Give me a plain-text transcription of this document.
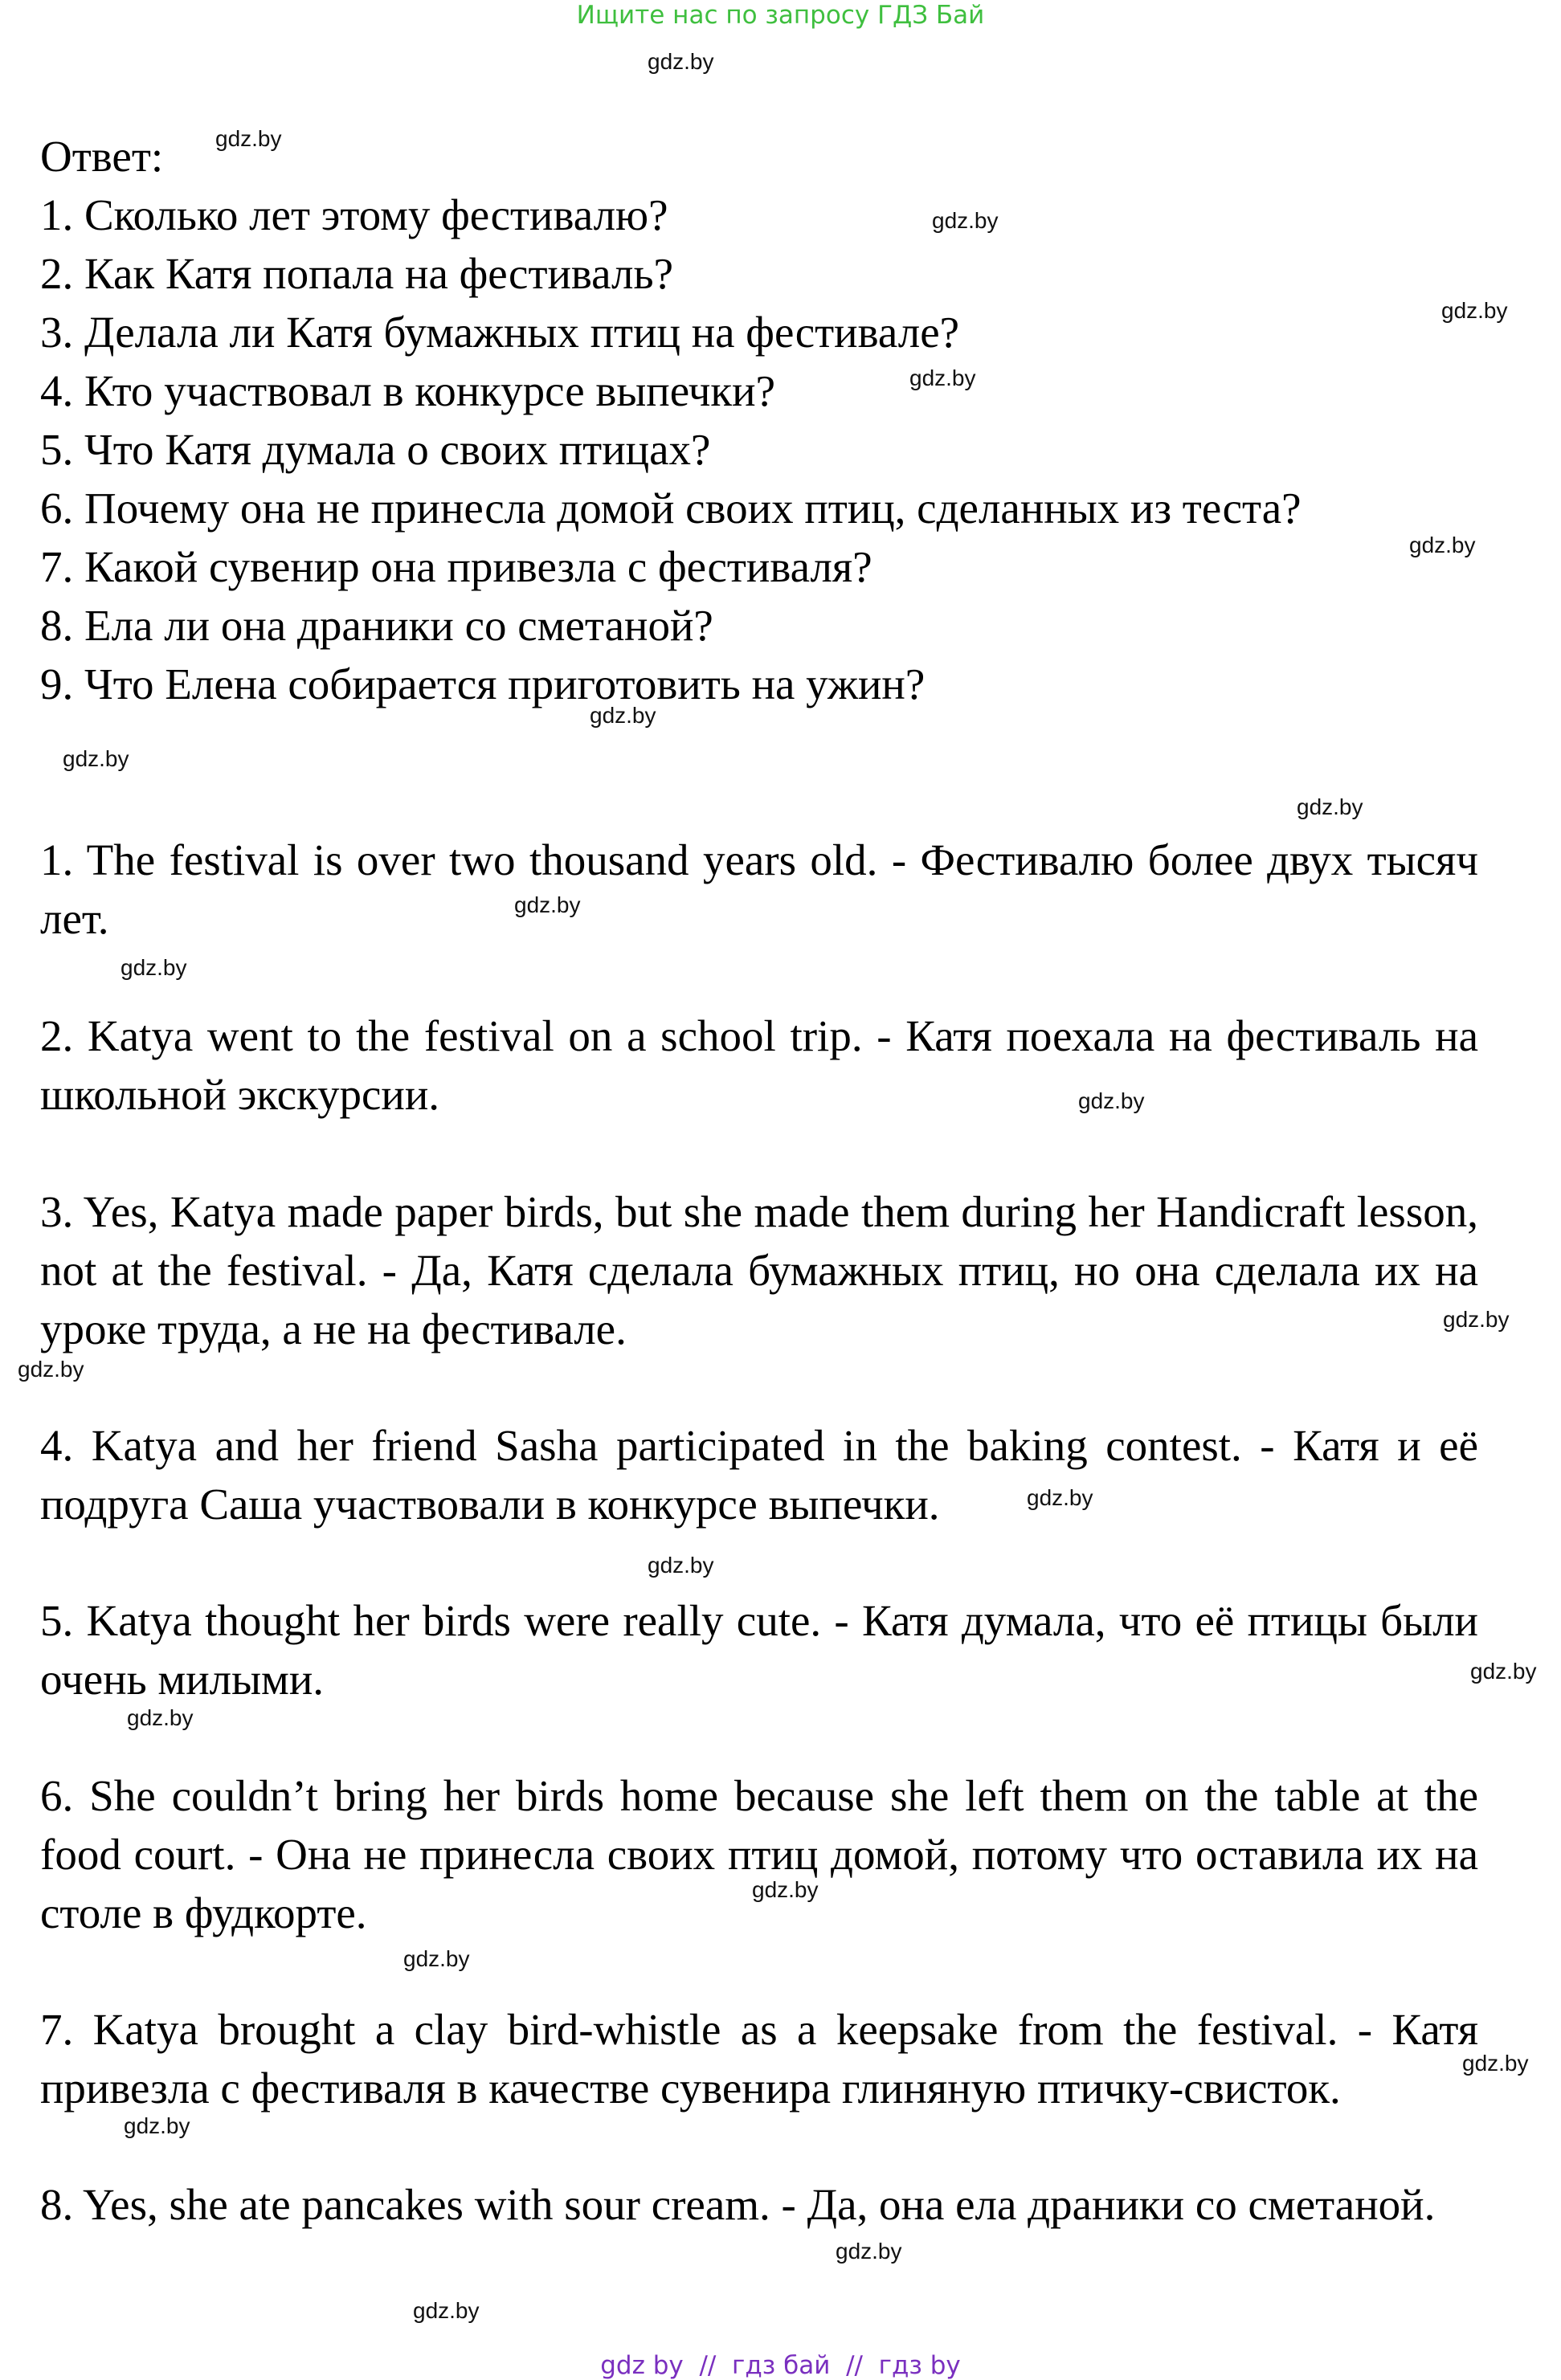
Ищите нас по запросу ГДЗ Бай
gdz.by
gdz.by
gdz.by
gdz.by
gdz.by
gdz.by
gdz.by
gdz.by
gdz.by
gdz.by
gdz.by
gdz.by
gdz.by
gdz.by
gdz.by
gdz.by
gdz.by
gdz.by
gdz.by
gdz.by
gdz.by
gdz.by
gdz.by
gdz.by

Ответ:

1. Сколько лет этому фестивалю?

2. Как Катя попала на фестиваль?

3. Делала ли Катя бумажных птиц на фестивале?

4. Кто участвовал в конкурсе выпечки?

5. Что Катя думала о своих птицах?

6. Почему она не принесла домой своих птиц, сделанных из теста?

7. Какой сувенир она привезла с фестиваля?

8. Ела ли она драники со сметаной?

9. Что Елена собирается приготовить на ужин?

1. The festival is over two thousand years old. - Фестивалю более двух тысяч лет.

2. Katya went to the festival on a school trip. - Катя поехала на фестиваль на школьной экскурсии.

3. Yes, Katya made paper birds, but she made them during her Handicraft lesson, not at the festival. - Да, Катя сделала бумажных птиц, но она сделала их на уроке труда, а не на фестивале.

4. Katya and her friend Sasha participated in the baking contest. - Катя и её подруга Саша участвовали в конкурсе выпечки.

5. Katya thought her birds were really cute. - Катя думала, что её птицы были очень милыми.

6. She couldn’t bring her birds home because she left them on the table at the food court. - Она не принесла своих птиц домой, потому что оставила их на столе в фудкорте.

7. Katya brought a clay bird-whistle as a keepsake from the festival. - Катя привезла с фестиваля в качестве сувенира глиняную птичку-свисток.

8. Yes, she ate pancakes with sour cream. - Да, она ела драники со сметаной.

gdz by  //  гдз бай  //  гдз by
